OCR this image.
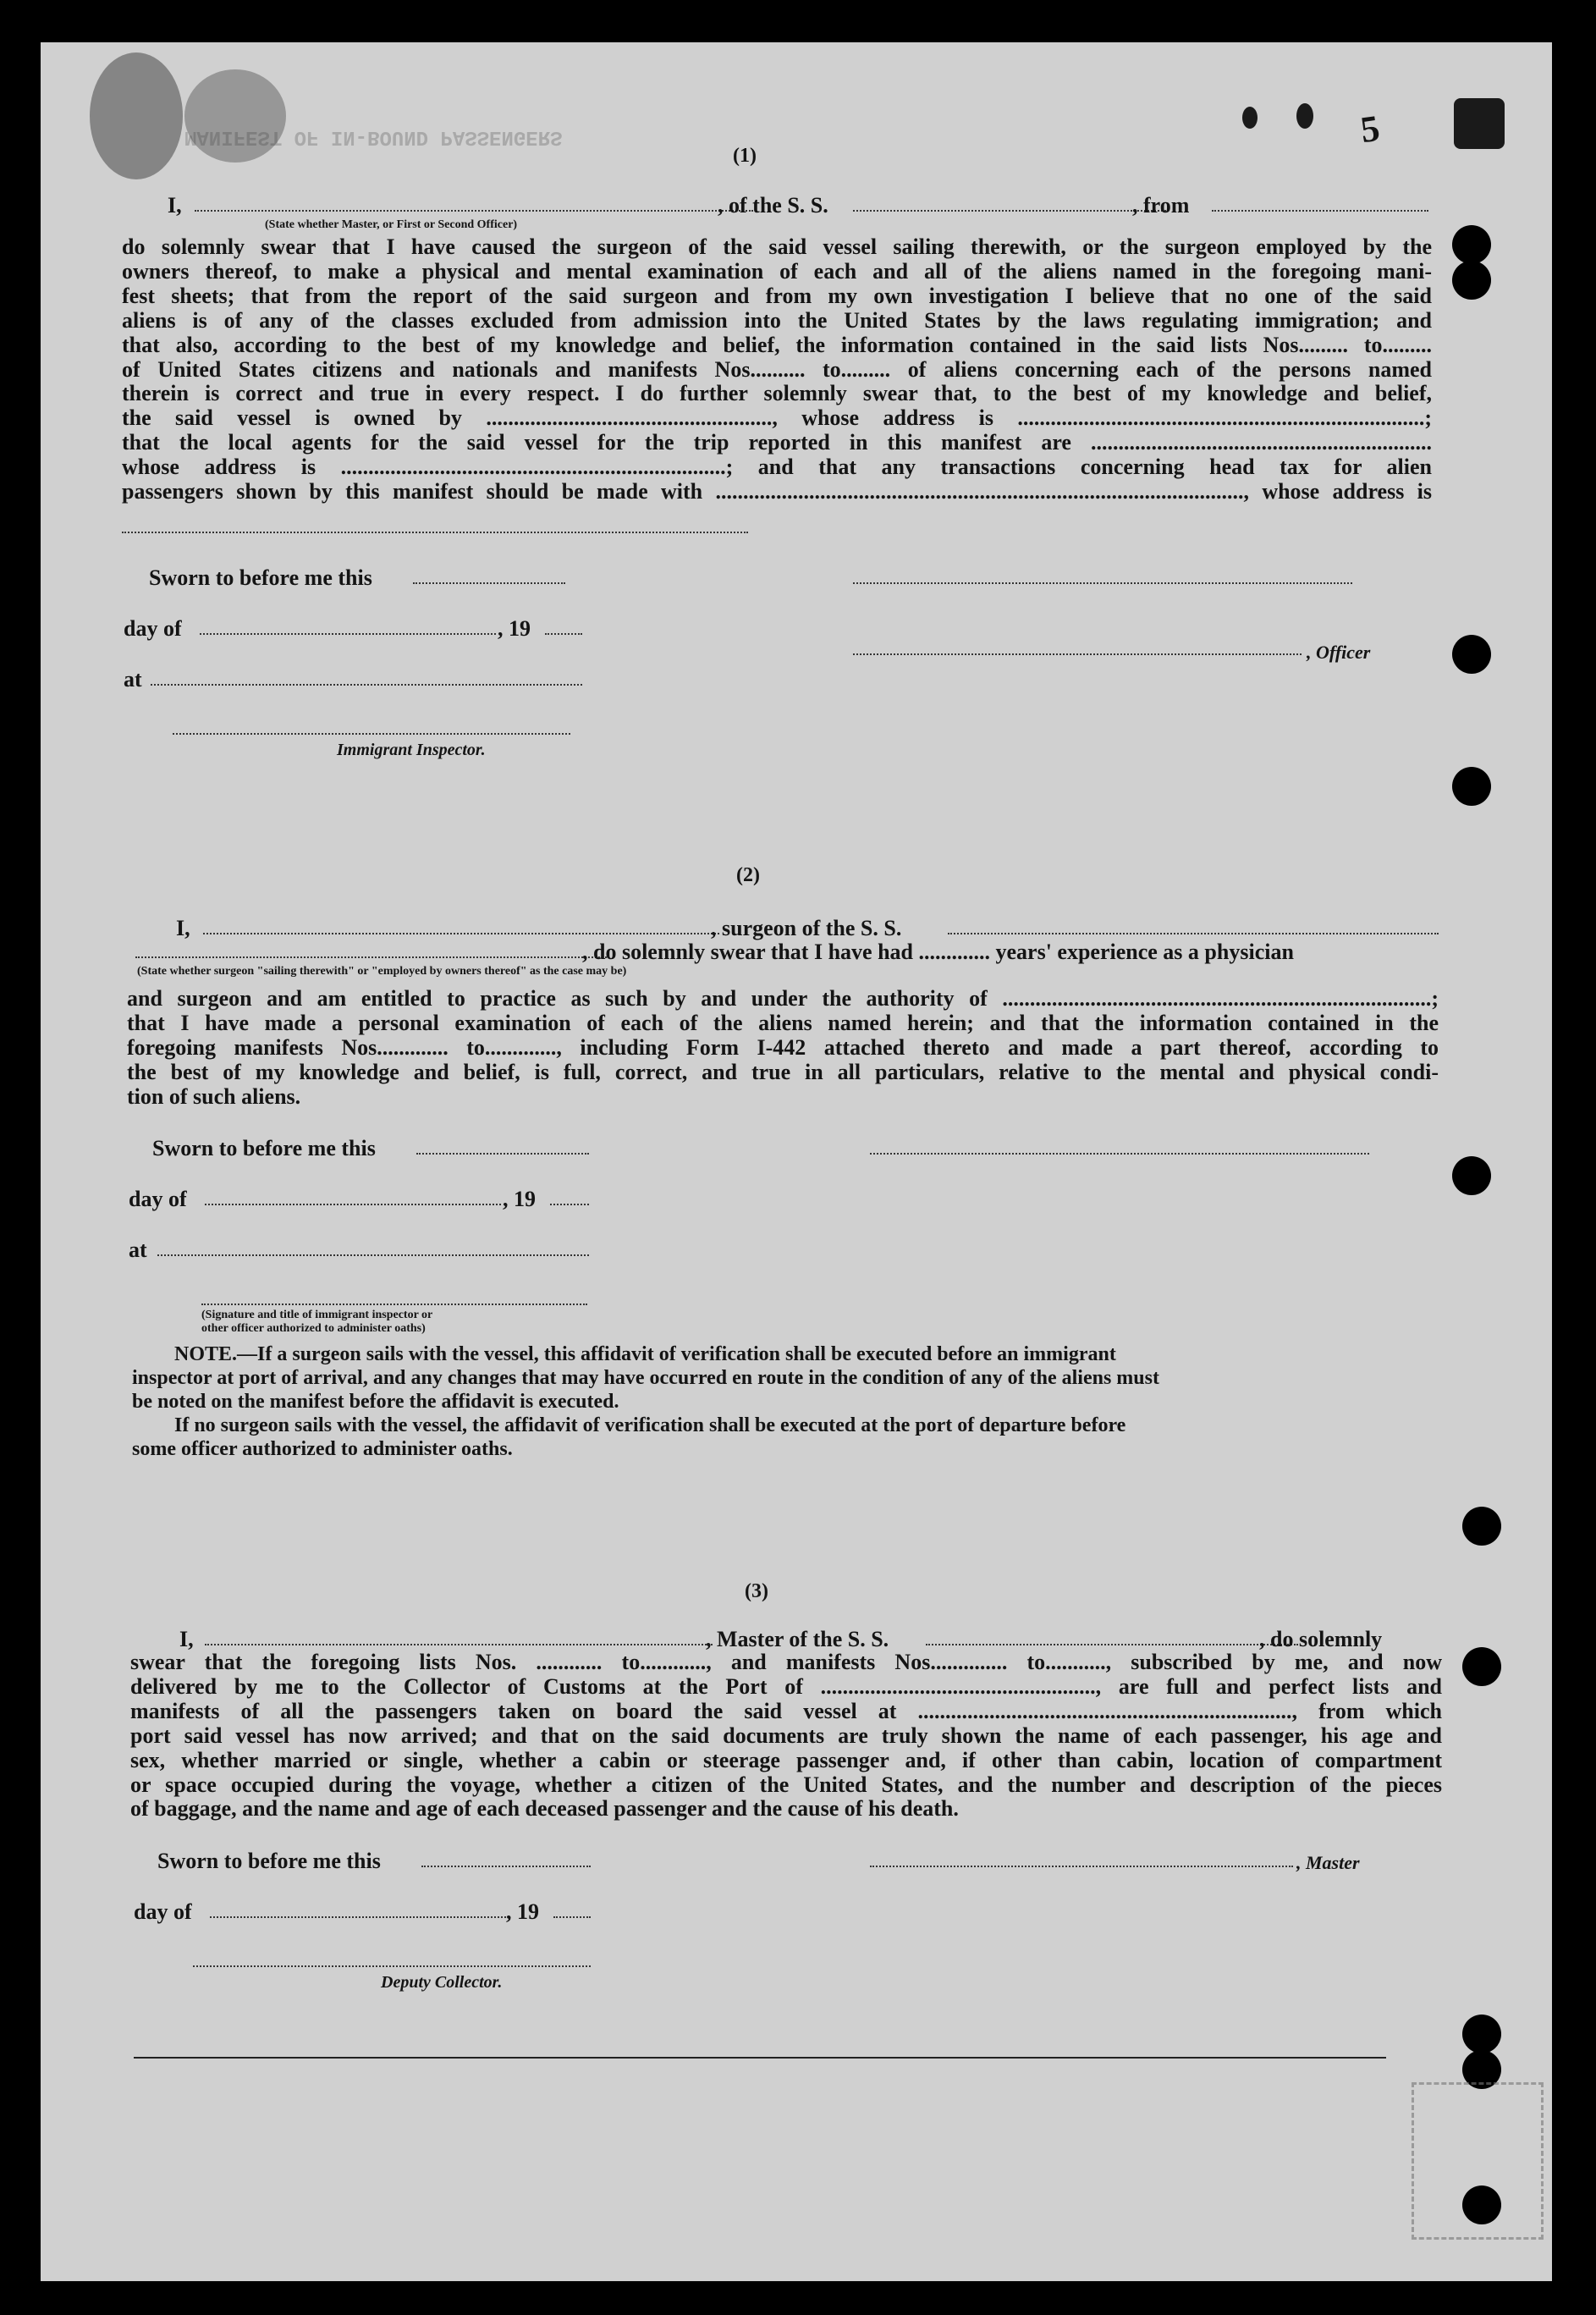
MANIFEST OF IN-BOUND PASSENGERS	5
(1)
I,	, of the S. S.	, from
(State whether Master, or First or Second Officer)
do solemnly swear that I have caused the surgeon of the said vessel sailing therewith, or the surgeon employed by the
owners thereof, to make a physical and mental examination of each and all of the aliens named in the foregoing mani-
fest sheets; that from the report of the said surgeon and from my own investigation I believe that no one of the said
aliens is of any of the classes excluded from admission into the United States by the laws regulating immigration; and
that also, according to the best of my knowledge and belief, the information contained in the said lists Nos......... to.........
of United States citizens and nationals and manifests Nos.......... to......... of aliens concerning each of the persons named
therein is correct and true in every respect. I do further solemnly swear that, to the best of my knowledge and belief,
the said vessel is owned by ...................................................., whose address is ..........................................................................;
that the local agents for the said vessel for the trip reported in this manifest are ..............................................................
whose address is ......................................................................; and that any transactions concerning head tax for alien
passengers shown by this manifest should be made with ................................................................................................, whose address is
Sworn to before me this
day of	, 19
at
Immigrant Inspector.
, Officer
(2)
I,	, surgeon of the S. S.
, do solemnly swear that I have had ............. years' experience as a physician
(State whether surgeon "sailing therewith" or "employed by owners thereof" as the case may be)
and surgeon and am entitled to practice as such by and under the authority of ..............................................................................;
that I have made a personal examination of each of the aliens named herein; and that the information contained in the
foregoing manifests Nos............. to............., including Form I-442 attached thereto and made a part thereof, according to
the best of my knowledge and belief, is full, correct, and true in all particulars, relative to the mental and physical condi-
tion of such aliens.
Sworn to before me this
day of	, 19
at
(Signature and title of immigrant inspector or
other officer authorized to administer oaths)
NOTE.—If a surgeon sails with the vessel, this affidavit of verification shall be executed before an immigrant
inspector at port of arrival, and any changes that may have occurred en route in the condition of any of the aliens must
be noted on the manifest before the affidavit is executed.
If no surgeon sails with the vessel, the affidavit of verification shall be executed at the port of departure before
some officer authorized to administer oaths.
(3)
I,	, Master of the S. S.	, do solemnly
swear that the foregoing lists Nos. ............ to............, and manifests Nos.............. to..........., subscribed by me, and now
delivered by me to the Collector of Customs at the Port of .................................................., are full and perfect lists and
manifests of all the passengers taken on board the said vessel at ...................................................................., from which
port said vessel has now arrived; and that on the said documents are truly shown the name of each passenger, his age and
sex, whether married or single, whether a cabin or steerage passenger and, if other than cabin, location of compartment
or space occupied during the voyage, whether a citizen of the United States, and the number and description of the pieces
of baggage, and the name and age of each deceased passenger and the cause of his death.
Sworn to before me this	, Master
day of	, 19
Deputy Collector.
